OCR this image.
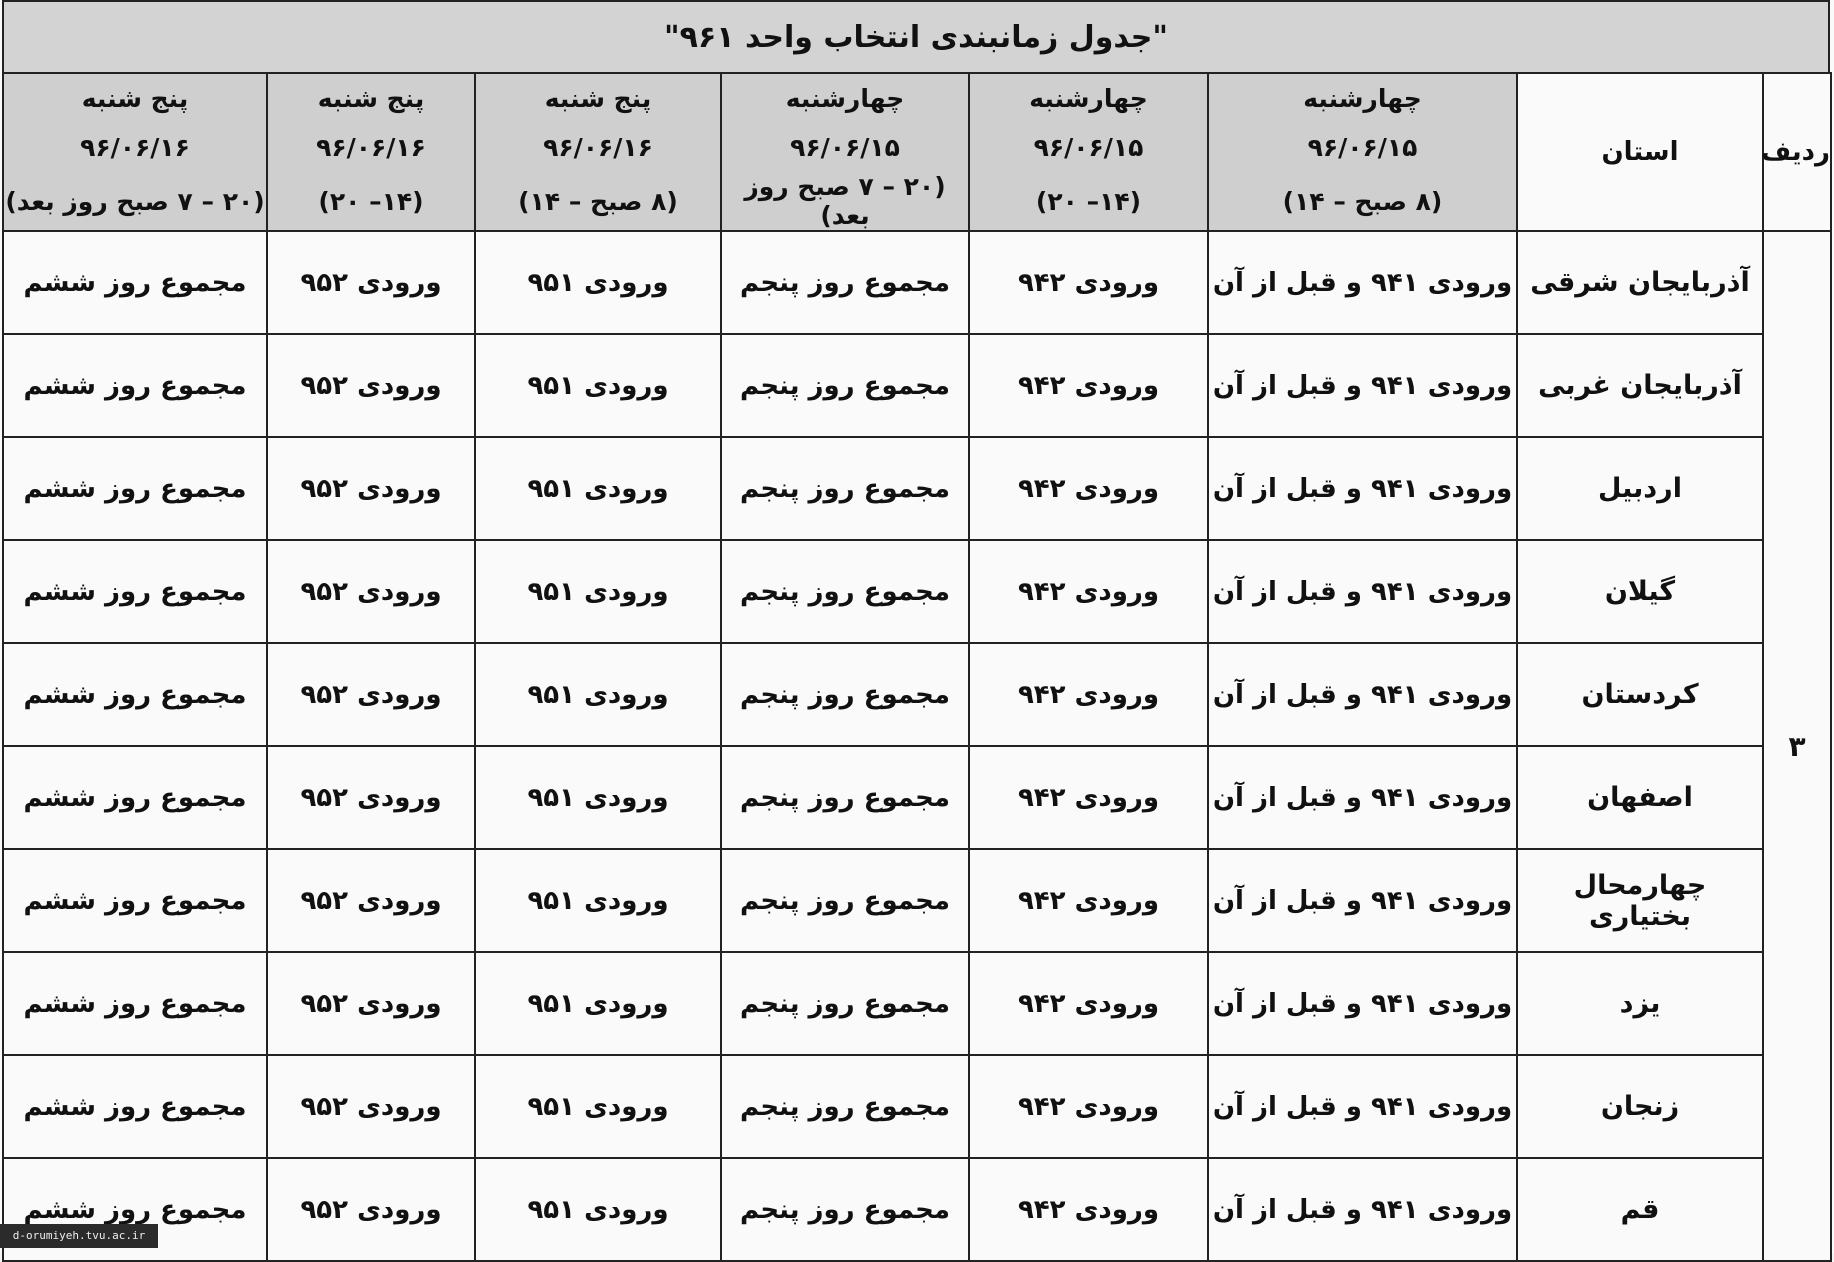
"جدول زمانبندی انتخاب واحد ۹۶۱"
ردیف	استان	چهارشنبه	چهارشنبه	چهارشنبه	پنج شنبه	پنج شنبه	پنج شنبه
		۹۶/۰۶/۱۵	۹۶/۰۶/۱۵	۹۶/۰۶/۱۵	۹۶/۰۶/۱۶	۹۶/۰۶/۱۶	۹۶/۰۶/۱۶
		(۸ صبح – ۱۴)	(۱۴– ۲۰)	(۲۰ – ۷ صبح روز بعد)	(۸ صبح – ۱۴)	(۱۴– ۲۰)	(۲۰ – ۷ صبح روز بعد)
۳	آذربایجان شرقی	ورودی ۹۴۱ و قبل از آن	ورودی ۹۴۲	مجموع روز پنجم	ورودی ۹۵۱	ورودی ۹۵۲	مجموع روز ششم
	آذربایجان غربی	ورودی ۹۴۱ و قبل از آن	ورودی ۹۴۲	مجموع روز پنجم	ورودی ۹۵۱	ورودی ۹۵۲	مجموع روز ششم
	اردبیل	ورودی ۹۴۱ و قبل از آن	ورودی ۹۴۲	مجموع روز پنجم	ورودی ۹۵۱	ورودی ۹۵۲	مجموع روز ششم
	گیلان	ورودی ۹۴۱ و قبل از آن	ورودی ۹۴۲	مجموع روز پنجم	ورودی ۹۵۱	ورودی ۹۵۲	مجموع روز ششم
	کردستان	ورودی ۹۴۱ و قبل از آن	ورودی ۹۴۲	مجموع روز پنجم	ورودی ۹۵۱	ورودی ۹۵۲	مجموع روز ششم
	اصفهان	ورودی ۹۴۱ و قبل از آن	ورودی ۹۴۲	مجموع روز پنجم	ورودی ۹۵۱	ورودی ۹۵۲	مجموع روز ششم
	چهارمحال بختیاری	ورودی ۹۴۱ و قبل از آن	ورودی ۹۴۲	مجموع روز پنجم	ورودی ۹۵۱	ورودی ۹۵۲	مجموع روز ششم
	یزد	ورودی ۹۴۱ و قبل از آن	ورودی ۹۴۲	مجموع روز پنجم	ورودی ۹۵۱	ورودی ۹۵۲	مجموع روز ششم
	زنجان	ورودی ۹۴۱ و قبل از آن	ورودی ۹۴۲	مجموع روز پنجم	ورودی ۹۵۱	ورودی ۹۵۲	مجموع روز ششم
	قم	ورودی ۹۴۱ و قبل از آن	ورودی ۹۴۲	مجموع روز پنجم	ورودی ۹۵۱	ورودی ۹۵۲	مجموع روز ششم
d-orumiyeh.tvu.ac.ir
